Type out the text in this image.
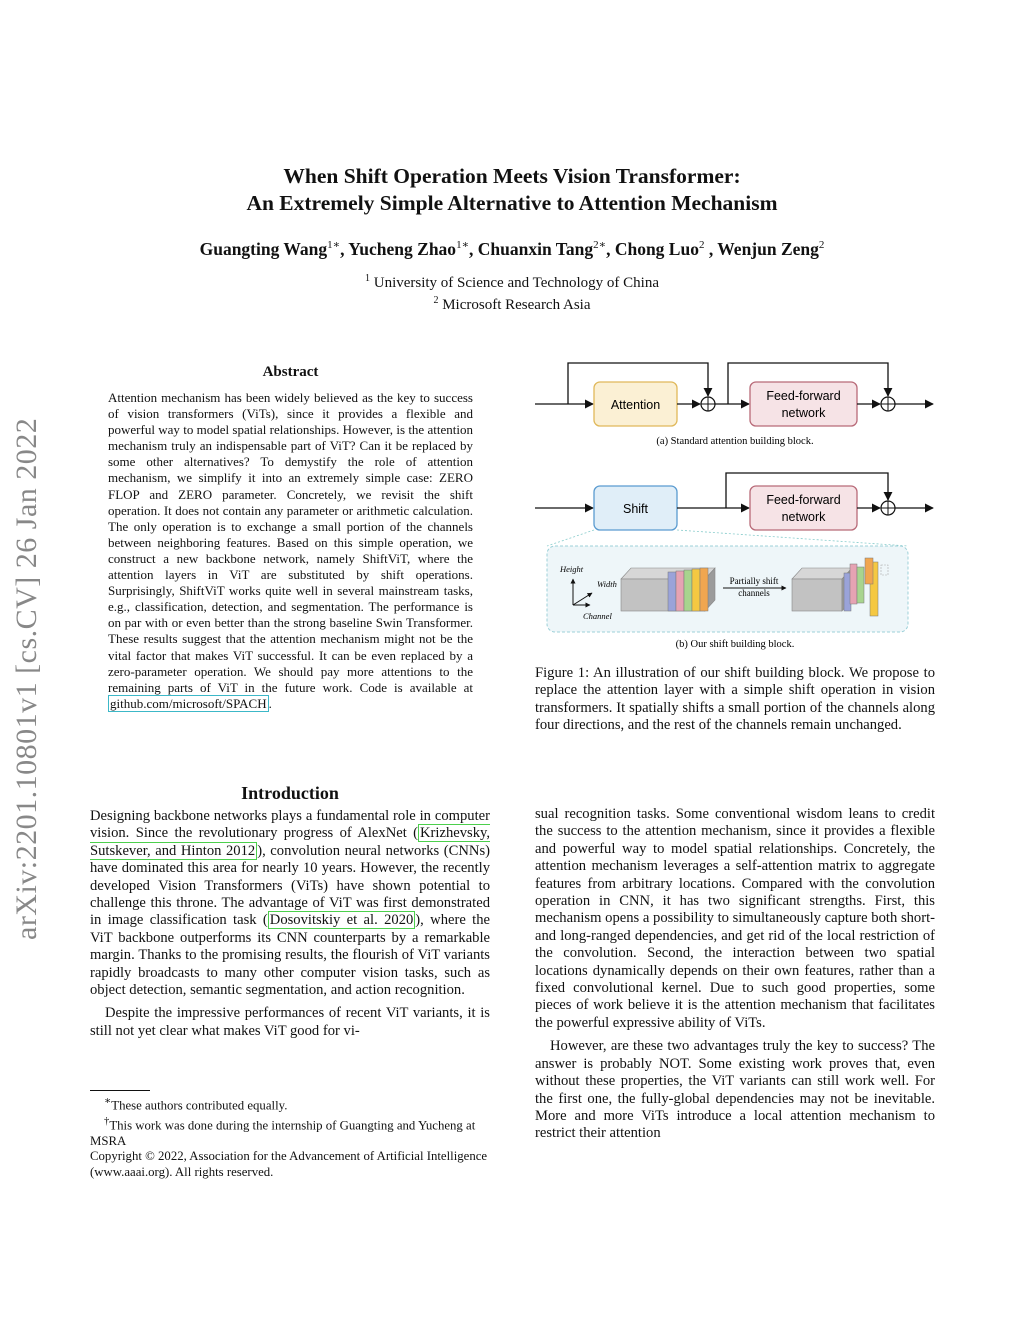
When Shift Operation Meets Vision Transformer:
An Extremely Simple Alternative to Attention Mechanism
Guangting Wang$^{1∗}$, Yucheng Zhao$^{1∗}$, Chuanxin Tang$^{2∗}$, Chong Luo$^2$ , Wenjun Zeng$^2$
$^1$ University of Science and Technology of China
$^2$ Microsoft Research Asia
arXiv:2201.10801v1 [cs.CV] 26 Jan 2022
Abstract
Attention mechanism has been widely believed as the key to success of vision transformers (ViTs), since it provides a flexible and powerful way to model spatial relationships. However, is the attention mechanism truly an indispensable part of ViT? Can it be replaced by some other alternatives? To demystify the role of attention mechanism, we simplify it into an extremely simple case: ZERO FLOP and ZERO parameter. Concretely, we revisit the shift operation. It does not contain any parameter or arithmetic calculation. The only operation is to exchange a small portion of the channels between neighboring features. Based on this simple operation, we construct a new backbone network, namely ShiftViT, where the attention layers in ViT are substituted by shift operations. Surprisingly, ShiftViT works quite well in several mainstream tasks, e.g., classification, detection, and segmentation. The performance is on par with or even better than the strong baseline Swin Transformer. These results suggest that the attention mechanism might not be the vital factor that makes ViT successful. It can be even replaced by a zero-parameter operation. We should pay more attentions to the remaining parts of ViT in the future work. Code is available at github.com/microsoft/SPACH .
Attention
Feed-forward
network
(a) Standard attention building block.
Shift
Feed-forward
network
Height
Width
Channel
Partially shift
channels
(b) Our shift building block.
Figure 1: An illustration of our shift building block. We propose to replace the attention layer with a simple shift operation in vision transformers. It spatially shifts a small portion of the channels along four directions, and the rest of the channels remain unchanged.
Introduction

Designing backbone networks plays a fundamental role in computer vision. Since the revolutionary progress of AlexNet ( Krizhevsky, Sutskever, and Hinton 2012 ), convolution neural networks (CNNs) have dominated this area for nearly 10 years. However, the recently developed Vision Transformers (ViTs) have shown potential to challenge this throne. The advantage of ViT was first demonstrated in image classification task ( Dosovitskiy et al. 2020 ), where the ViT backbone outperforms its CNN counterparts by a remarkable margin. Thanks to the promising results, the flourish of ViT variants rapidly broadcasts to many other computer vision tasks, such as object detection, semantic segmentation, and action recognition.

Despite the impressive performances of recent ViT variants, it is still not yet clear what makes ViT good for vi-

∗These authors contributed equally.
†This work was done during the internship of Guangting and Yucheng at MSRA
Copyright © 2022, Association for the Advancement of Artificial Intelligence (www.aaai.org). All rights reserved.

sual recognition tasks. Some conventional wisdom leans to credit the success to the attention mechanism, since it provides a flexible and powerful way to model spatial relationships. Concretely, the attention mechanism leverages a self-attention matrix to aggregate features from arbitrary locations. Compared with the convolution operation in CNN, it has two significant strengths. First, this mechanism opens a possibility to simultaneously capture both short- and long-ranged dependencies, and get rid of the local restriction of the convolution. Second, the interaction between two spatial locations dynamically depends on their own features, rather than a fixed convolutional kernel. Due to such good properties, some pieces of work believe it is the attention mechanism that facilitates the powerful expressive ability of ViTs.

However, are these two advantages truly the key to success? The answer is probably NOT. Some existing work proves that, even without these properties, the ViT variants can still work well. For the first one, the fully-global dependencies may not be inevitable. More and more ViTs introduce a local attention mechanism to restrict their attention
